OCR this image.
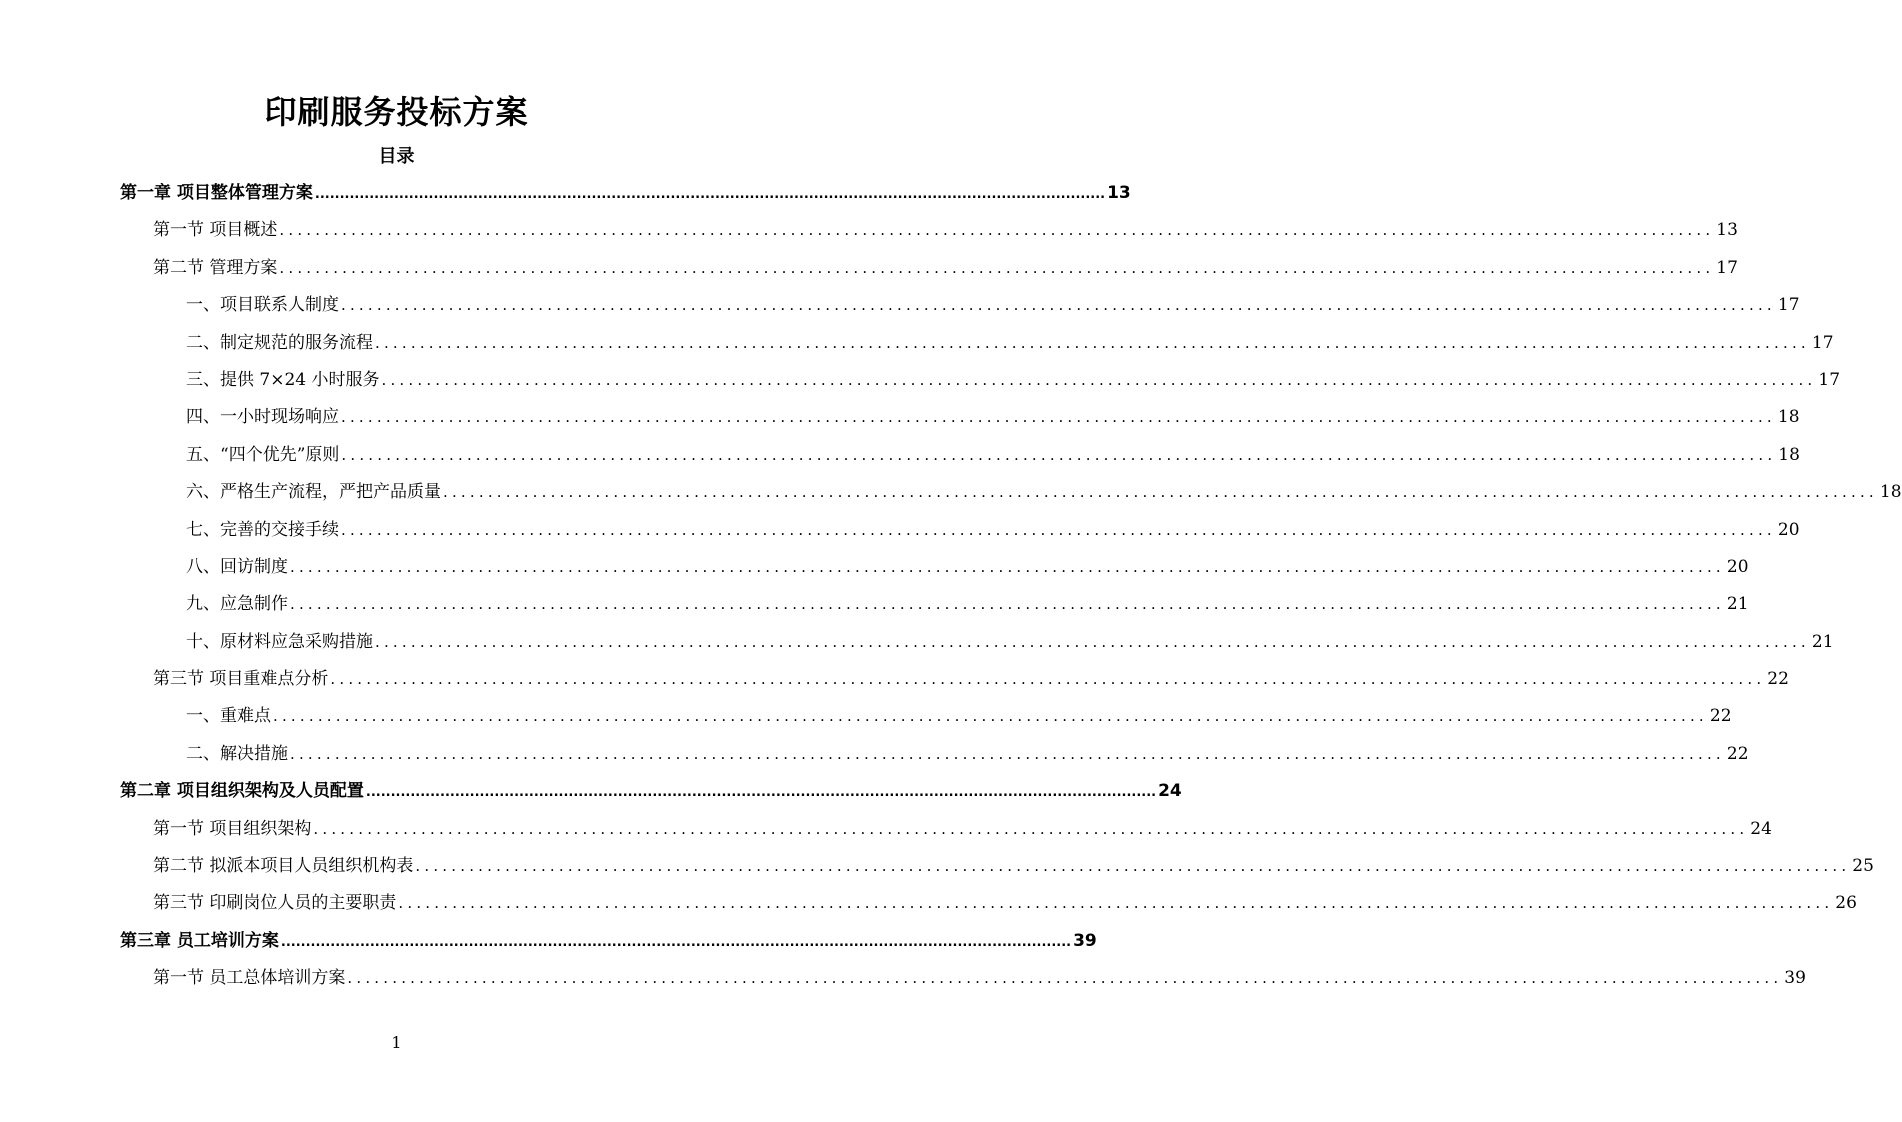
印刷服务投标方案
目录
第一章 项目整体管理方案 ................................................................................................................................................................ 13
第一节 项目概述 ................................................................................................................................................................ 13
第二节 管理方案 ................................................................................................................................................................ 17
一、项目联系人制度 ................................................................................................................................................................ 17
二、制定规范的服务流程 ................................................................................................................................................................ 17
三、提供 7×24 小时服务 ................................................................................................................................................................ 17
四、一小时现场响应 ................................................................................................................................................................ 18
五、“四个优先”原则 ................................................................................................................................................................ 18
六、严格生产流程，严把产品质量 ................................................................................................................................................................ 18
七、完善的交接手续 ................................................................................................................................................................ 20
八、回访制度 ................................................................................................................................................................ 20
九、应急制作 ................................................................................................................................................................ 21
十、原材料应急采购措施 ................................................................................................................................................................ 21
第三节 项目重难点分析 ................................................................................................................................................................ 22
一、重难点 ................................................................................................................................................................ 22
二、解决措施 ................................................................................................................................................................ 22
第二章 项目组织架构及人员配置 ................................................................................................................................................................ 24
第一节 项目组织架构 ................................................................................................................................................................ 24
第二节 拟派本项目人员组织机构表 ................................................................................................................................................................ 25
第三节 印刷岗位人员的主要职责 ................................................................................................................................................................ 26
第三章 员工培训方案 ................................................................................................................................................................ 39
第一节 员工总体培训方案 ................................................................................................................................................................ 39
1
